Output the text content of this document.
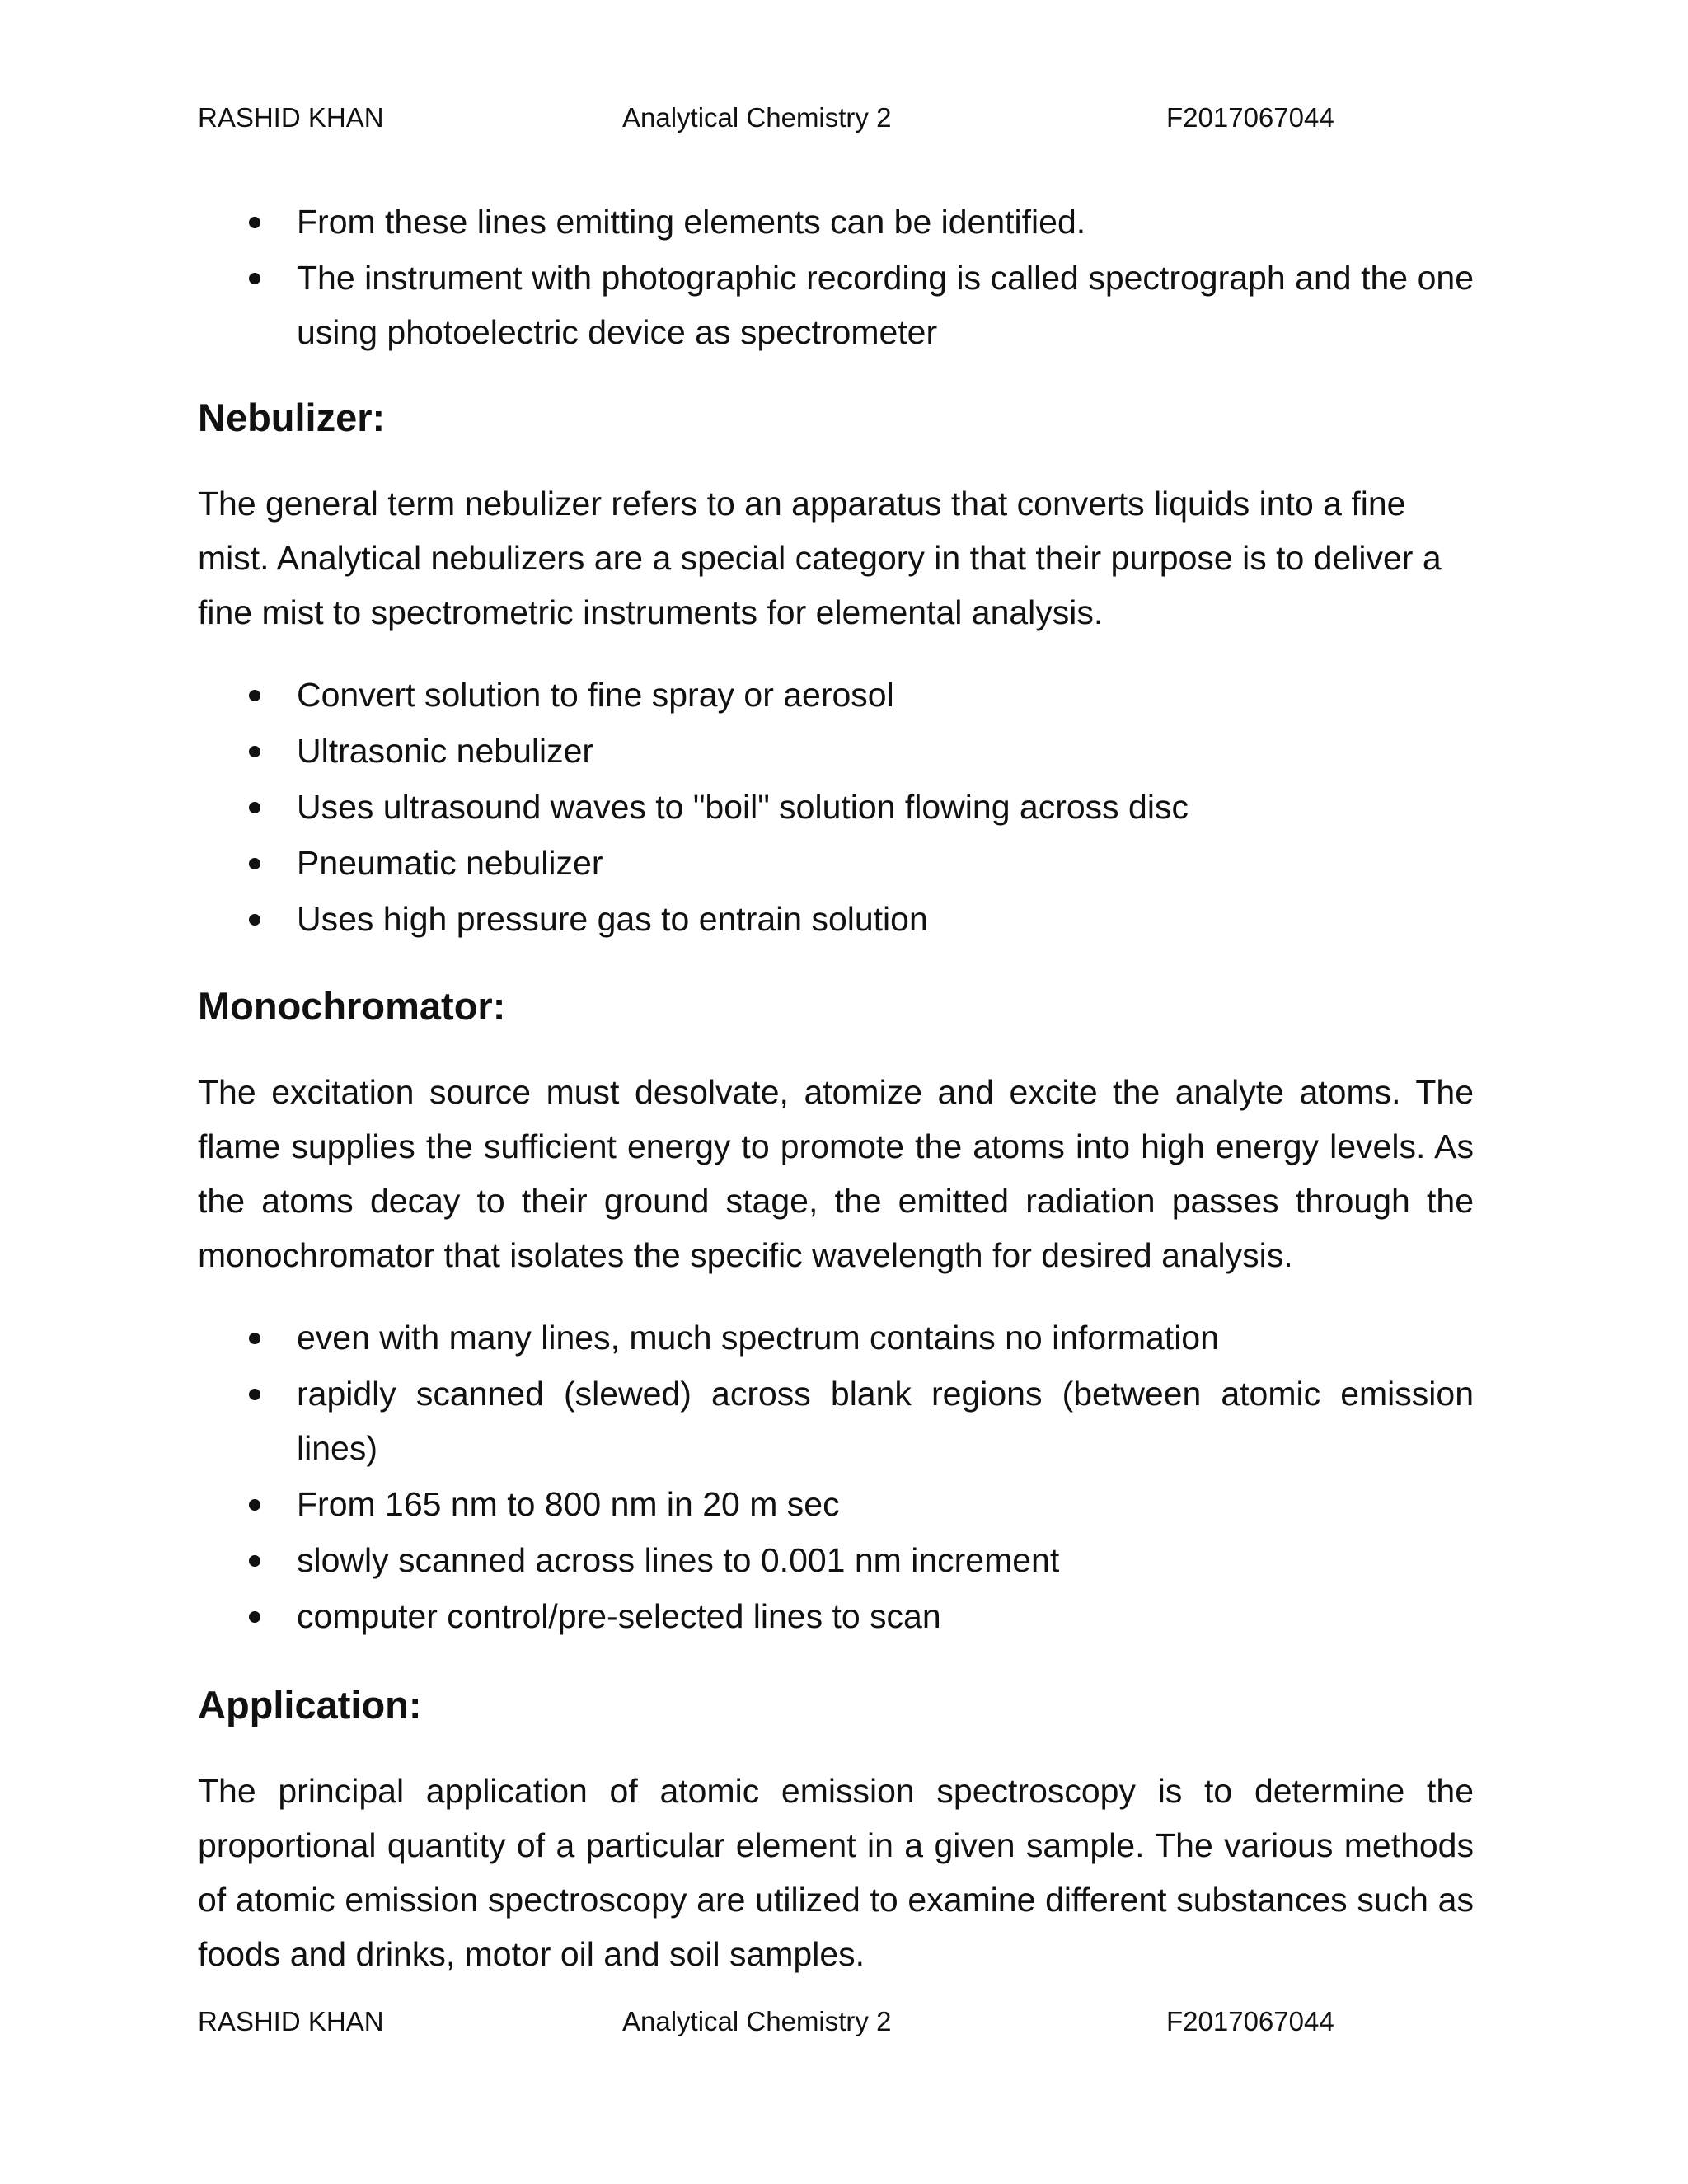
RASHID KHAN	Analytical Chemistry 2	F2017067044
From these lines emitting elements can be identified.
The instrument with photographic recording is called spectrograph and the one using photoelectric device as spectrometer
Nebulizer:

The general term nebulizer refers to an apparatus that converts liquids into a fine mist. Analytical nebulizers are a special category in that their purpose is to deliver a fine mist to spectrometric instruments for elemental analysis.

Convert solution to fine spray or aerosol
Ultrasonic nebulizer
Uses ultrasound waves to "boil" solution flowing across disc
Pneumatic nebulizer
Uses high pressure gas to entrain solution
Monochromator:

The excitation source must desolvate, atomize and excite the analyte atoms. The flame supplies the sufficient energy to promote the atoms into high energy levels. As the atoms decay to their ground stage, the emitted radiation passes through the monochromator that isolates the specific wavelength for desired analysis.

even with many lines, much spectrum contains no information
rapidly scanned (slewed) across blank regions (between atomic emission lines)
From 165 nm to 800 nm in 20 m sec
slowly scanned across lines to 0.001 nm increment
computer control/pre-selected lines to scan
Application:

The principal application of atomic emission spectroscopy is to determine the proportional quantity of a particular element in a given sample. The various methods of atomic emission spectroscopy are utilized to examine different substances such as foods and drinks, motor oil and soil samples.

RASHID KHAN	Analytical Chemistry 2	F2017067044
